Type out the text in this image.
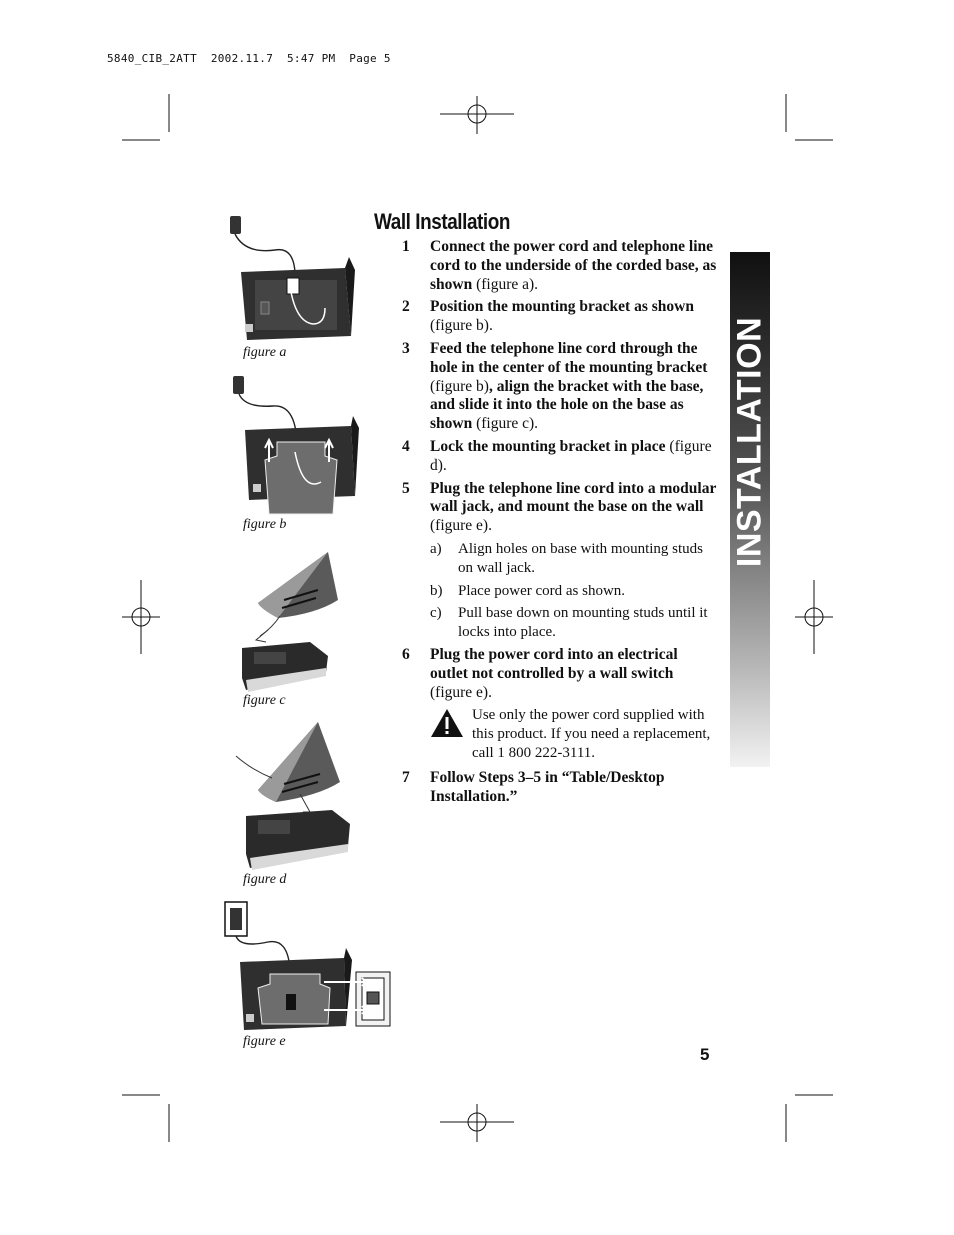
5840_CIB_2ATT  2002.11.7  5:47 PM  Page 5
figure a
figure b
figure c
figure d
figure e
Wall Installation
1	Connect the power cord and telephone line cord to the underside of the corded base, as shown (figure a).
2	Position the mounting bracket as shown (figure b).
3	Feed the telephone line cord through the hole in the center of the mounting bracket (figure b), align the bracket with the base, and slide it into the hole on the base as shown (figure c).
4	Lock the mounting bracket in place (figure d).
5	Plug the telephone line cord into a modular wall jack, and mount the base on the wall (figure e).
a)	Align holes on base with mounting studs on wall jack.
b)	Place power cord as shown.
c)	Pull base down on mounting studs until it locks into place.
6	Plug the power cord into an electrical outlet not controlled by a wall switch (figure e).
Use only the power cord supplied with this product. If you need a replacement, call 1 800 222-3111.
7	Follow Steps 3–5 in “Table/Desktop Installation.”
INSTALLATION
5
